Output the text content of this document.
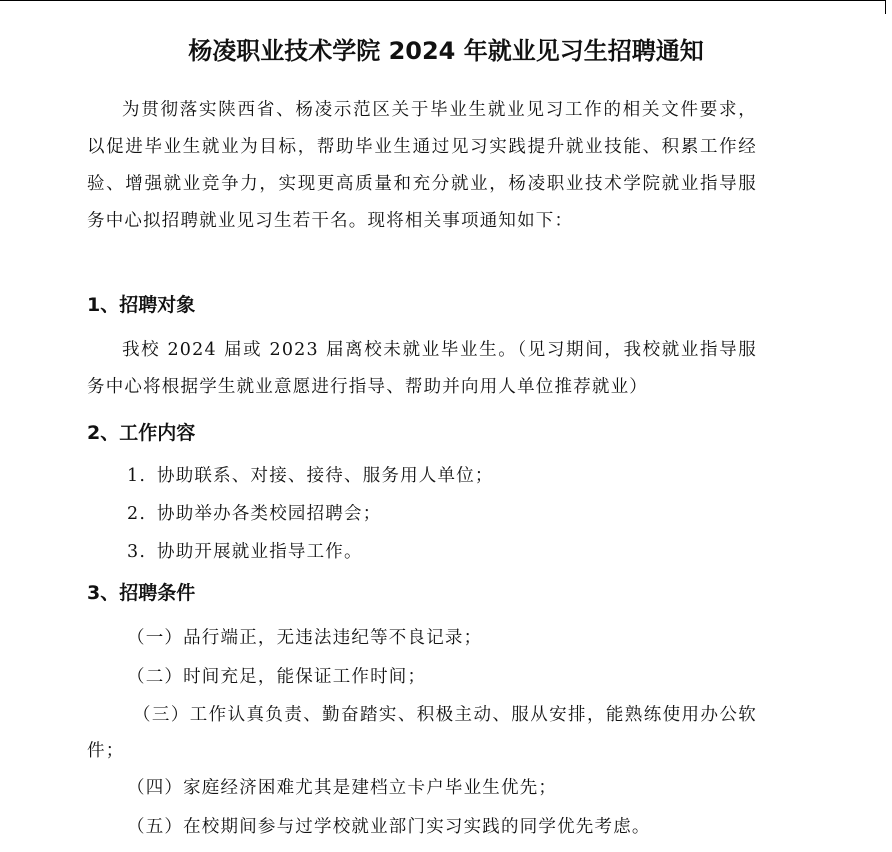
杨凌职业技术学院 2024 年就业见习生招聘通知

为贯彻落实陕西省、杨凌示范区关于毕业生就业见习工作的相关文件要求，以促进毕业生就业为目标，帮助毕业生通过见习实践提升就业技能、积累工作经验、增强就业竞争力，实现更高质量和充分就业，杨凌职业技术学院就业指导服务中心拟招聘就业见习生若干名。现将相关事项通知如下：

1、招聘对象

我校 2024 届或 2023 届离校未就业毕业生。（见习期间，我校就业指导服务中心将根据学生就业意愿进行指导、帮助并向用人单位推荐就业）

2、工作内容

1. 协助联系、对接、接待、服务用人单位；

2. 协助举办各类校园招聘会；

3. 协助开展就业指导工作。

3、招聘条件

（一）品行端正，无违法违纪等不良记录；

（二）时间充足，能保证工作时间；

（三）工作认真负责、勤奋踏实、积极主动、服从安排，能熟练使用办公软件；

（四）家庭经济困难尤其是建档立卡户毕业生优先；

（五）在校期间参与过学校就业部门实习实践的同学优先考虑。
